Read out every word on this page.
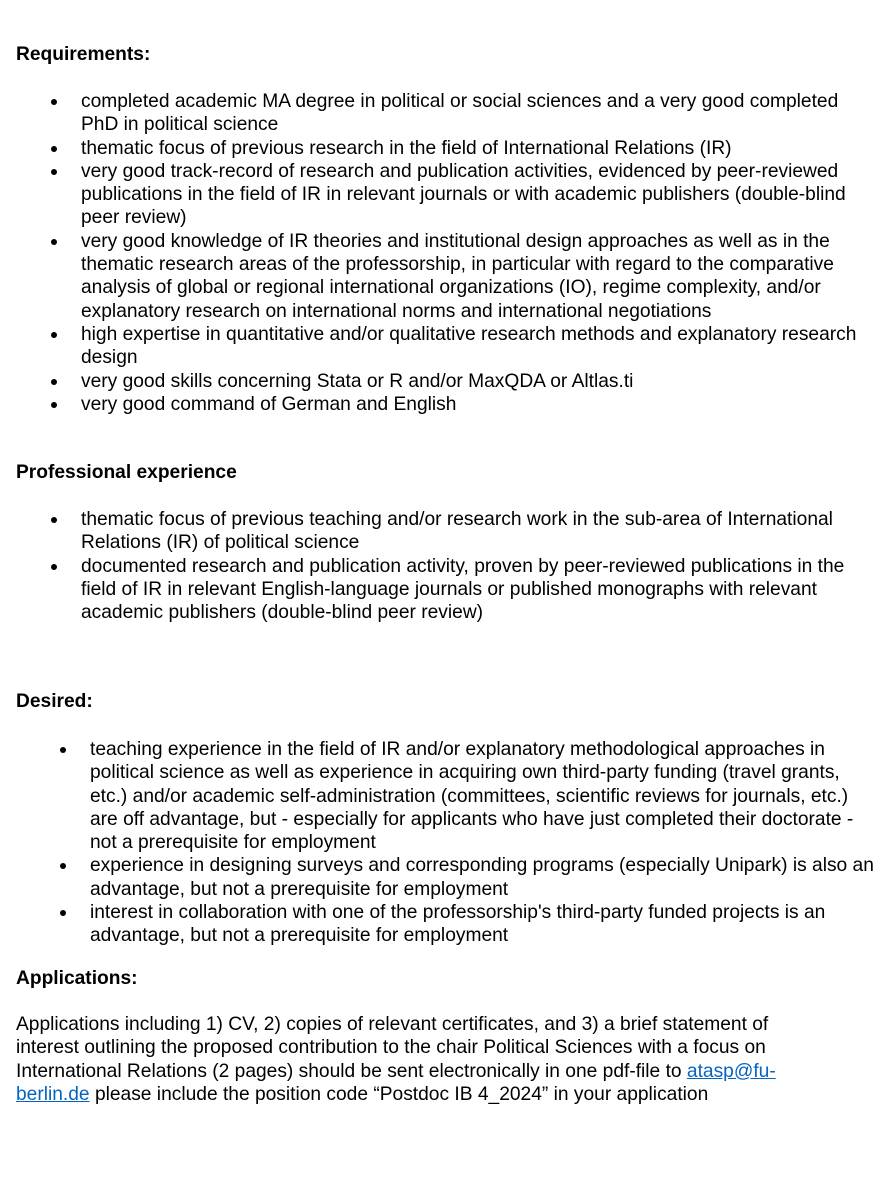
Requirements:
completed academic MA degree in political or social sciences and a very good completed PhD in political science
thematic focus of previous research in the field of International Relations (IR)
very good track-record of research and publication activities, evidenced by peer-reviewed publications in the field of IR in relevant journals or with academic publishers (double-blind peer review)
very good knowledge of IR theories and institutional design approaches as well as in the thematic research areas of the professorship, in particular with regard to the comparative analysis of global or regional international organizations (IO), regime complexity, and/or explanatory research on international norms and international negotiations
high expertise in quantitative and/or qualitative research methods and explanatory research design
very good skills concerning Stata or R and/or MaxQDA or Altlas.ti
very good command of German and English
Professional experience
thematic focus of previous teaching and/or research work in the sub-area of International Relations (IR) of political science
documented research and publication activity, proven by peer-reviewed publications in the field of IR in relevant English-language journals or published monographs with relevant academic publishers (double-blind peer review)
Desired:
teaching experience in the field of IR and/or explanatory methodological approaches in political science as well as experience in acquiring own third-party funding (travel grants, etc.) and/or academic self-administration (committees, scientific reviews for journals, etc.) are off advantage, but - especially for applicants who have just completed their doctorate - not a prerequisite for employment
experience in designing surveys and corresponding programs (especially Unipark) is also an advantage, but not a prerequisite for employment
interest in collaboration with one of the professorship's third-party funded projects is an advantage, but not a prerequisite for employment
Applications:

Applications including 1) CV, 2) copies of relevant certificates, and 3) a brief statement of interest outlining the proposed contribution to the chair Political Sciences with a focus on International Relations (2 pages) should be sent electronically in one pdf-file to atasp@fu-berlin.de please include the position code “Postdoc IB 4_2024” in your application
